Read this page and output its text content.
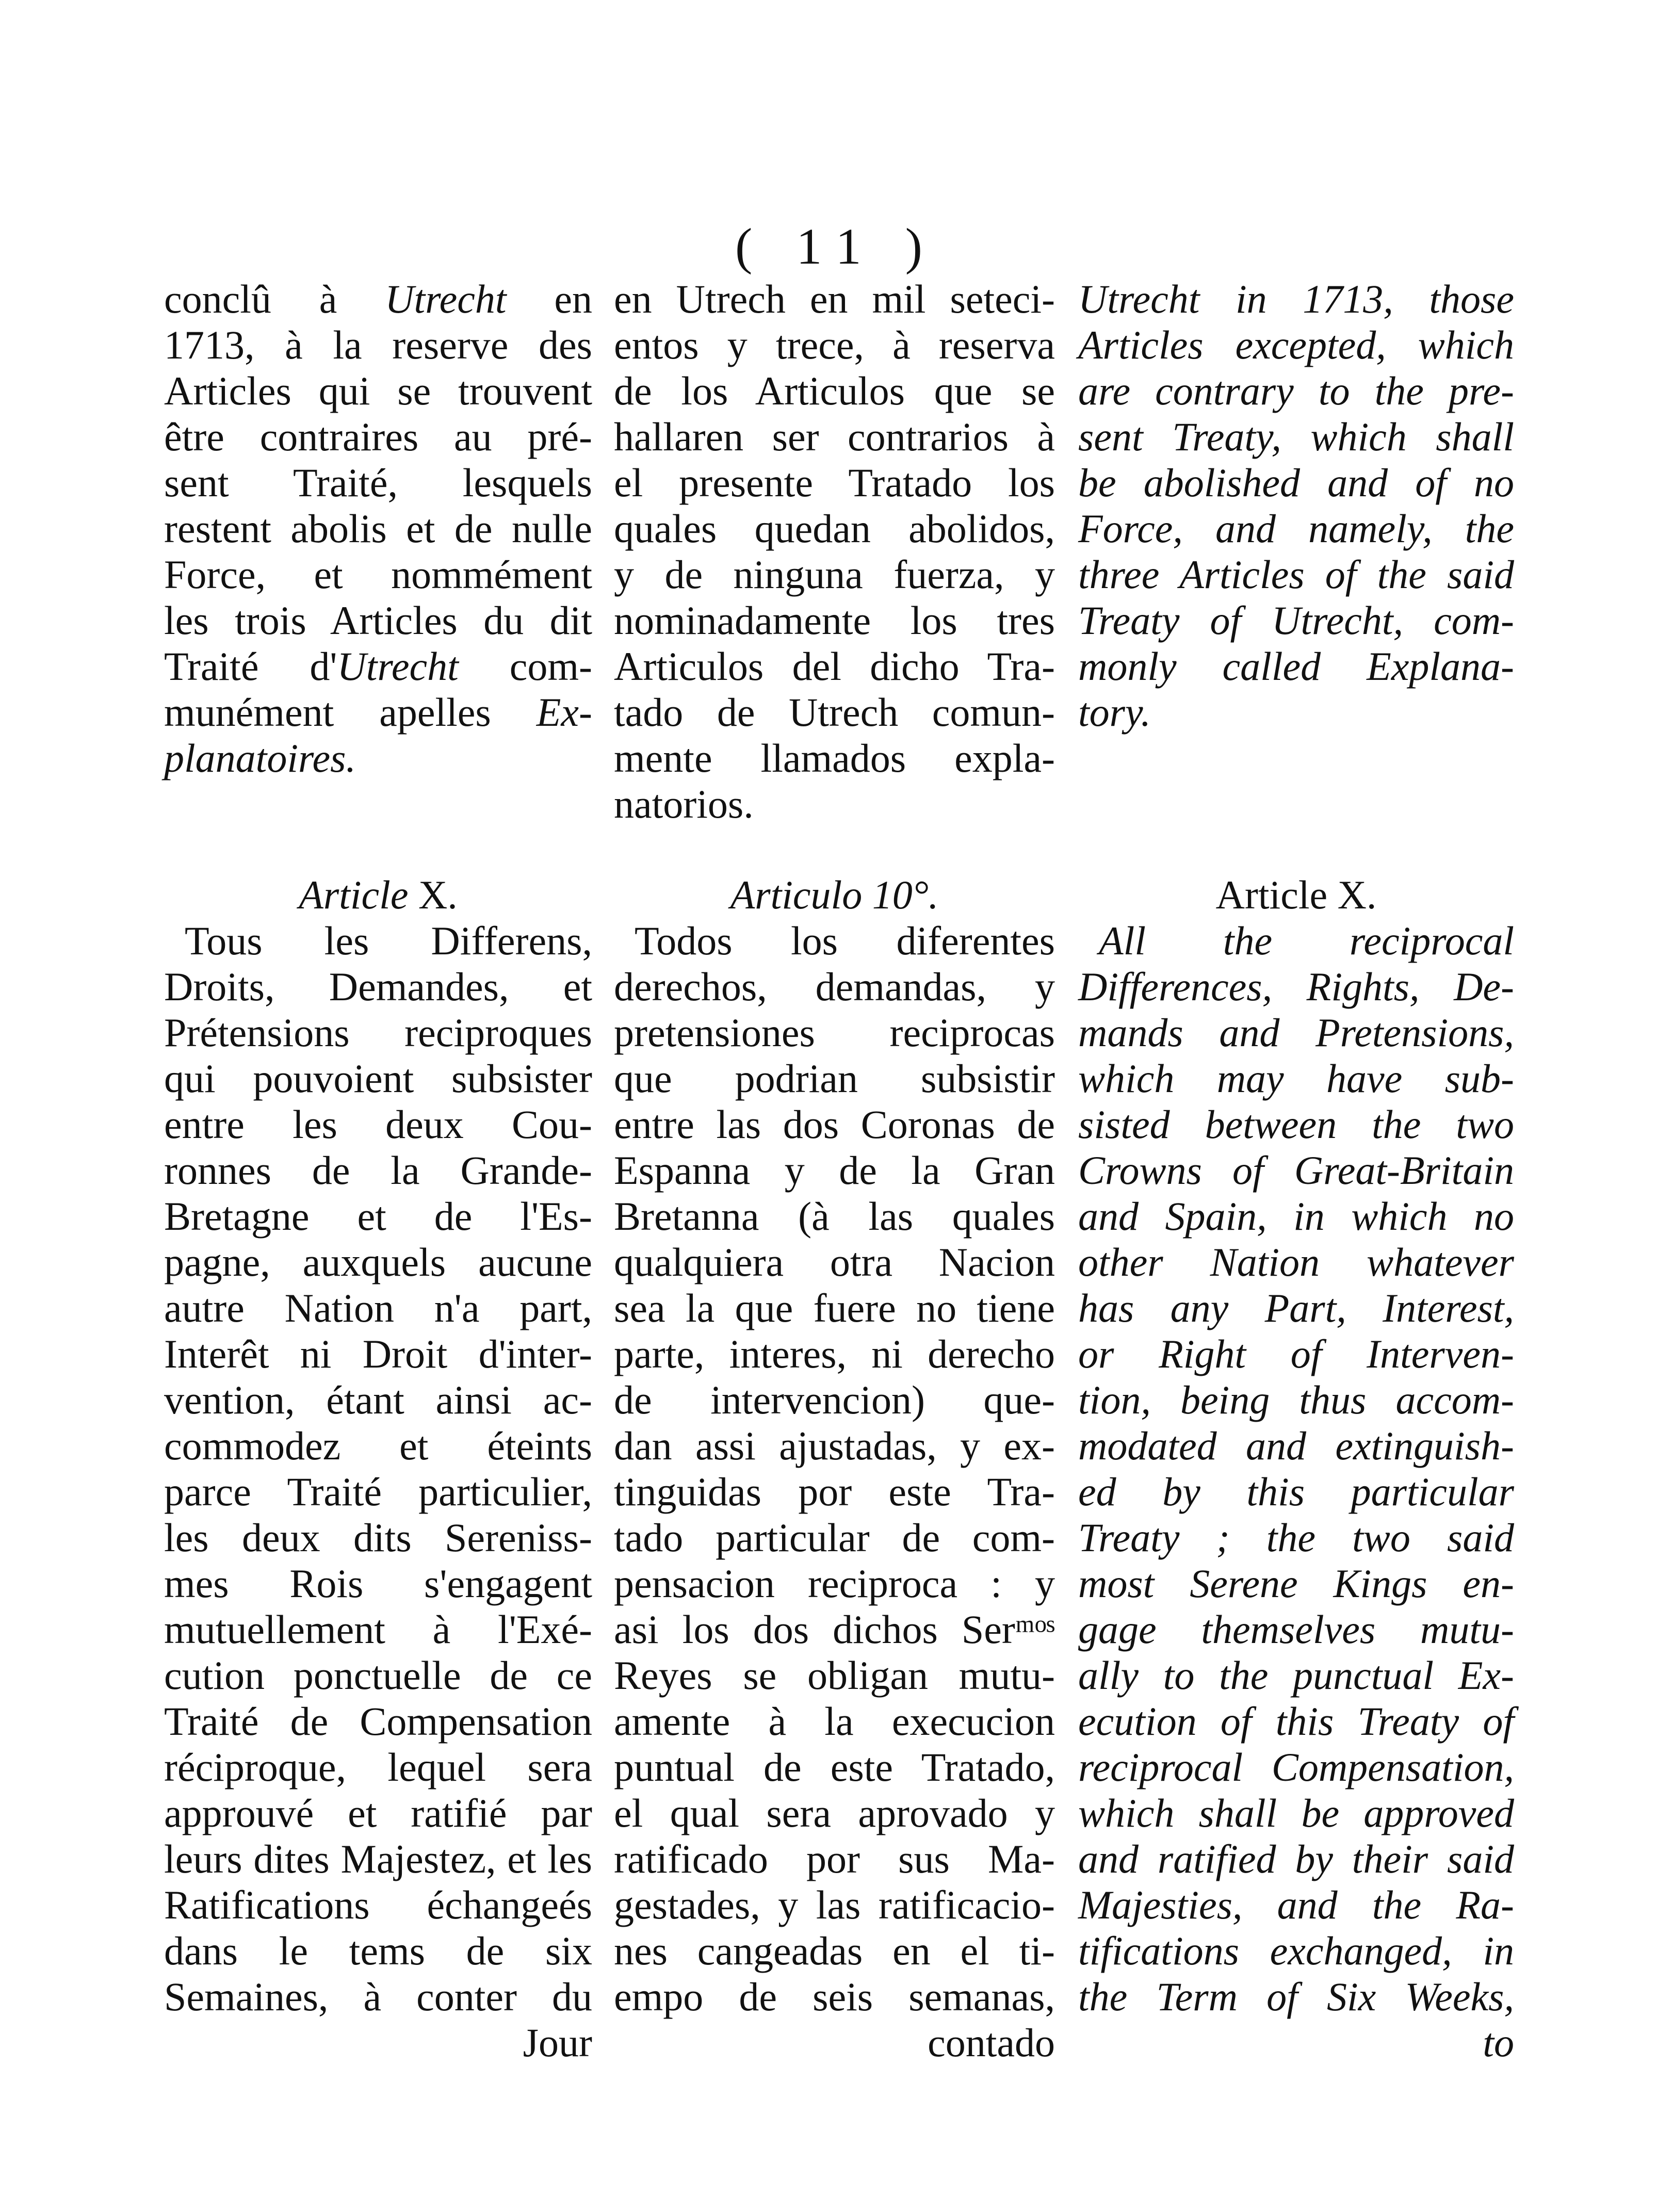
( 11 )
conclû à Utrecht en
1713, à la reserve des
Articles qui se trouvent
être contraires au pré-
sent Traité, lesquels
restent abolis et de nulle
Force, et nommément
les trois Articles du dit
Traité d'Utrecht com-
munément apelles Ex-
planatoires.
Article X.
Tous les Differens,
Droits, Demandes, et
Prétensions reciproques
qui pouvoient subsister
entre les deux Cou-
ronnes de la Grande-
Bretagne et de l'Es-
pagne, auxquels aucune
autre Nation n'a part,
Interêt ni Droit d'inter-
vention, étant ainsi ac-
commodez et éteints
parce Traité particulier,
les deux dits Sereniss-
mes Rois s'engagent
mutuellement à l'Exé-
cution ponctuelle de ce
Traité de Compensation
réciproque, lequel sera
approuvé et ratifié par
leurs dites Majestez, et les
Ratifications échangeés
dans le tems de six
Semaines, à conter du
Jour
en Utrech en mil seteci-
entos y trece, à reserva
de los Articulos que se
hallaren ser contrarios à
el presente Tratado los
quales quedan abolidos,
y de ninguna fuerza, y
nominadamente los tres
Articulos del dicho Tra-
tado de Utrech comun-
mente llamados expla-
natorios.
Articulo 10°.
Todos los diferentes
derechos, demandas, y
pretensiones reciprocas
que podrian subsistir
entre las dos Coronas de
Espanna y de la Gran
Bretanna (à las quales
qualquiera otra Nacion
sea la que fuere no tiene
parte, interes, ni derecho
de intervencion) que-
dan assi ajustadas, y ex-
tinguidas por este Tra-
tado particular de com-
pensacion reciproca : y
asi los dos dichos Serᵐᵒˢ
Reyes se obligan mutu-
amente à la execucion
puntual de este Tratado,
el qual sera aprovado y
ratificado por sus Ma-
gestades, y las ratificacio-
nes cangeadas en el ti-
empo de seis semanas,
contado
Utrecht in 1713, those
Articles excepted, which
are contrary to the pre-
sent Treaty, which shall
be abolished and of no
Force, and namely, the
three Articles of the said
Treaty of Utrecht, com-
monly called Explana-
tory.
Article X.
All the reciprocal
Differences, Rights, De-
mands and Pretensions,
which may have sub-
sisted between the two
Crowns of Great-Britain
and Spain, in which no
other Nation whatever
has any Part, Interest,
or Right of Interven-
tion, being thus accom-
modated and extinguish-
ed by this particular
Treaty ; the two said
most Serene Kings en-
gage themselves mutu-
ally to the punctual Ex-
ecution of this Treaty of
reciprocal Compensation,
which shall be approved
and ratified by their said
Majesties, and the Ra-
tifications exchanged, in
the Term of Six Weeks,
to
